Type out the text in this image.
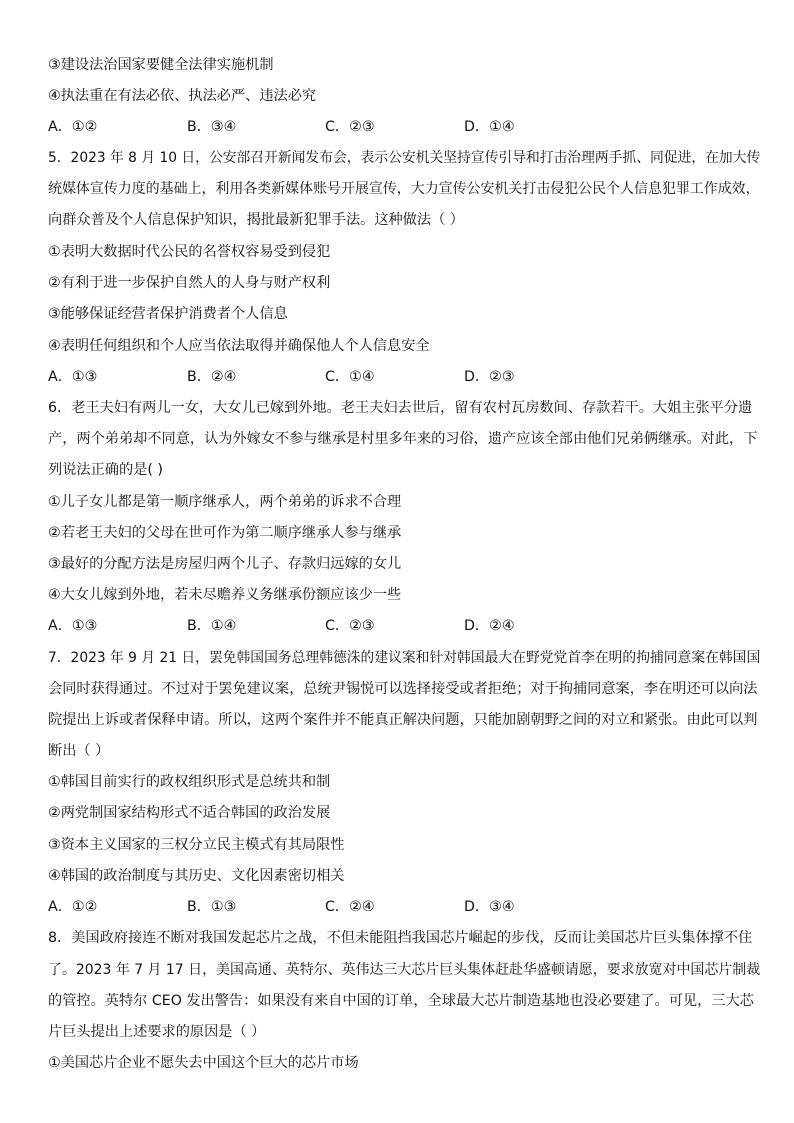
③建设法治国家要健全法律实施机制
④执法重在有法必依、执法必严、违法必究
A．①②	B．③④	C．②③	D．①④
5．2023 年 8 月 10 日，公安部召开新闻发布会，表示公安机关坚持宣传引导和打击治理两手抓、同促进，在加大传
统媒体宣传力度的基础上，利用各类新媒体账号开展宣传，大力宣传公安机关打击侵犯公民个人信息犯罪工作成效，
向群众普及个人信息保护知识，揭批最新犯罪手法。这种做法（ ）
①表明大数据时代公民的名誉权容易受到侵犯
②有利于进一步保护自然人的人身与财产权利
③能够保证经营者保护消费者个人信息
④表明任何组织和个人应当依法取得并确保他人个人信息安全
A．①③	B．②④	C．①④	D．②③
6．老王夫妇有两儿一女，大女儿已嫁到外地。老王夫妇去世后，留有农村瓦房数间、存款若干。大姐主张平分遗
产，两个弟弟却不同意，认为外嫁女不参与继承是村里多年来的习俗，遗产应该全部由他们兄弟俩继承。对此，下
列说法正确的是( )
①儿子女儿都是第一顺序继承人，两个弟弟的诉求不合理
②若老王夫妇的父母在世可作为第二顺序继承人参与继承
③最好的分配方法是房屋归两个儿子、存款归远嫁的女儿
④大女儿嫁到外地，若未尽赡养义务继承份额应该少一些
A．①③	B．①④	C．②③	D．②④
7．2023 年 9 月 21 日，罢免韩国国务总理韩德洙的建议案和针对韩国最大在野党党首李在明的拘捕同意案在韩国国
会同时获得通过。不过对于罢免建议案，总统尹锡悦可以选择接受或者拒绝；对于拘捕同意案，李在明还可以向法
院提出上诉或者保释申请。所以，这两个案件并不能真正解决问题，只能加剧朝野之间的对立和紧张。由此可以判
断出（ ）
①韩国目前实行的政权组织形式是总统共和制
②两党制国家结构形式不适合韩国的政治发展
③资本主义国家的三权分立民主模式有其局限性
④韩国的政治制度与其历史、文化因素密切相关
A．①②	B．①③	C．②④	D．③④
8．美国政府接连不断对我国发起芯片之战，不但未能阻挡我国芯片崛起的步伐，反而让美国芯片巨头集体撑不住
了。2023 年 7 月 17 日，美国高通、英特尔、英伟达三大芯片巨头集体赶赴华盛顿请愿，要求放宽对中国芯片制裁
的管控。英特尔 CEO 发出警告：如果没有来自中国的订单，全球最大芯片制造基地也没必要建了。可见，三大芯
片巨头提出上述要求的原因是（ ）
①美国芯片企业不愿失去中国这个巨大的芯片市场
